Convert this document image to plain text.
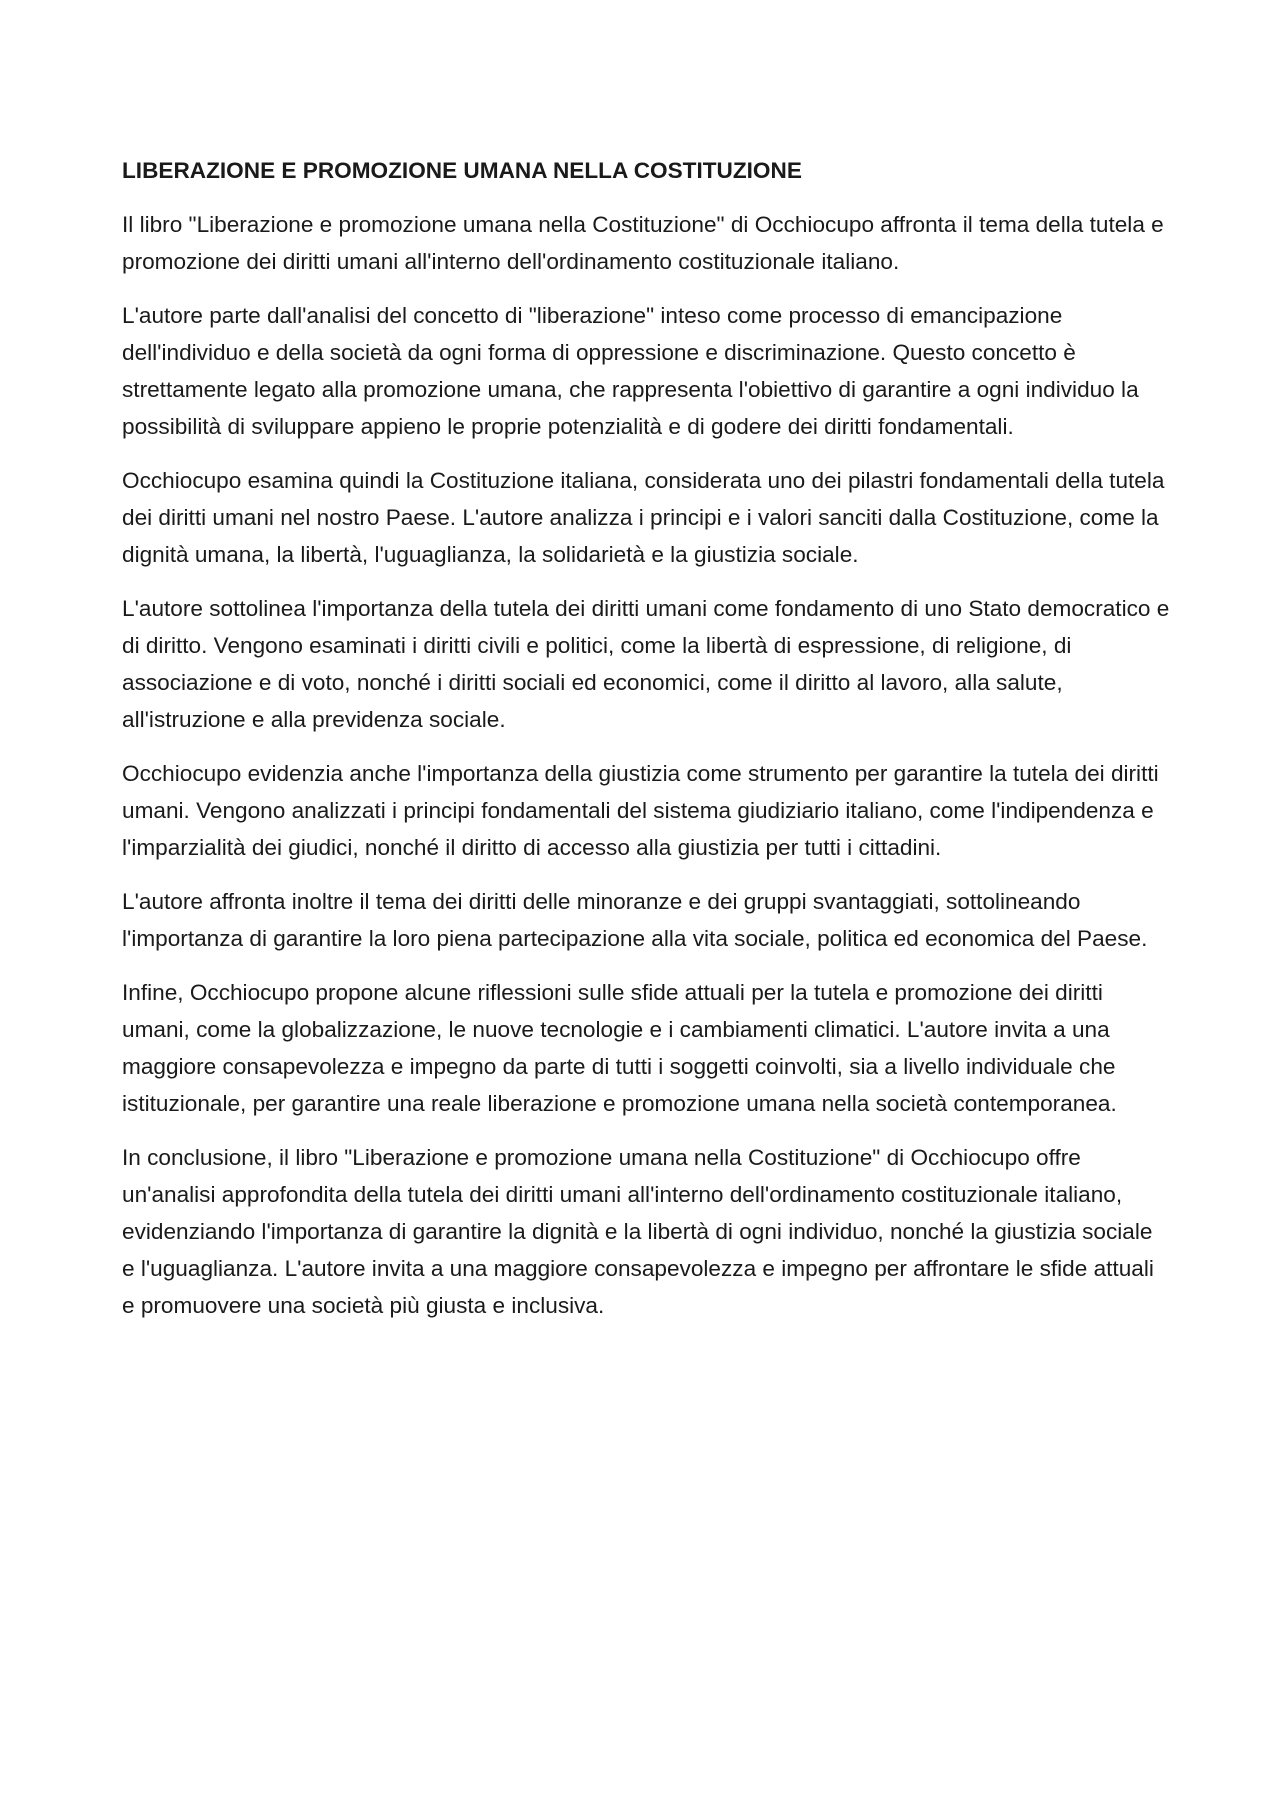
LIBERAZIONE E PROMOZIONE UMANA NELLA COSTITUZIONE

Il libro "Liberazione e promozione umana nella Costituzione" di Occhiocupo affronta il tema della tutela e promozione dei diritti umani all'interno dell'ordinamento costituzionale italiano.

L'autore parte dall'analisi del concetto di "liberazione" inteso come processo di emancipazione dell'individuo e della società da ogni forma di oppressione e discriminazione. Questo concetto è strettamente legato alla promozione umana, che rappresenta l'obiettivo di garantire a ogni individuo la possibilità di sviluppare appieno le proprie potenzialità e di godere dei diritti fondamentali.

Occhiocupo esamina quindi la Costituzione italiana, considerata uno dei pilastri fondamentali della tutela dei diritti umani nel nostro Paese. L'autore analizza i principi e i valori sanciti dalla Costituzione, come la dignità umana, la libertà, l'uguaglianza, la solidarietà e la giustizia sociale.

L'autore sottolinea l'importanza della tutela dei diritti umani come fondamento di uno Stato democratico e di diritto. Vengono esaminati i diritti civili e politici, come la libertà di espressione, di religione, di associazione e di voto, nonché i diritti sociali ed economici, come il diritto al lavoro, alla salute, all'istruzione e alla previdenza sociale.

Occhiocupo evidenzia anche l'importanza della giustizia come strumento per garantire la tutela dei diritti umani. Vengono analizzati i principi fondamentali del sistema giudiziario italiano, come l'indipendenza e l'imparzialità dei giudici, nonché il diritto di accesso alla giustizia per tutti i cittadini.

L'autore affronta inoltre il tema dei diritti delle minoranze e dei gruppi svantaggiati, sottolineando l'importanza di garantire la loro piena partecipazione alla vita sociale, politica ed economica del Paese.

Infine, Occhiocupo propone alcune riflessioni sulle sfide attuali per la tutela e promozione dei diritti umani, come la globalizzazione, le nuove tecnologie e i cambiamenti climatici. L'autore invita a una maggiore consapevolezza e impegno da parte di tutti i soggetti coinvolti, sia a livello individuale che istituzionale, per garantire una reale liberazione e promozione umana nella società contemporanea.

In conclusione, il libro "Liberazione e promozione umana nella Costituzione" di Occhiocupo offre un'analisi approfondita della tutela dei diritti umani all'interno dell'ordinamento costituzionale italiano, evidenziando l'importanza di garantire la dignità e la libertà di ogni individuo, nonché la giustizia sociale e l'uguaglianza. L'autore invita a una maggiore consapevolezza e impegno per affrontare le sfide attuali e promuovere una società più giusta e inclusiva.
